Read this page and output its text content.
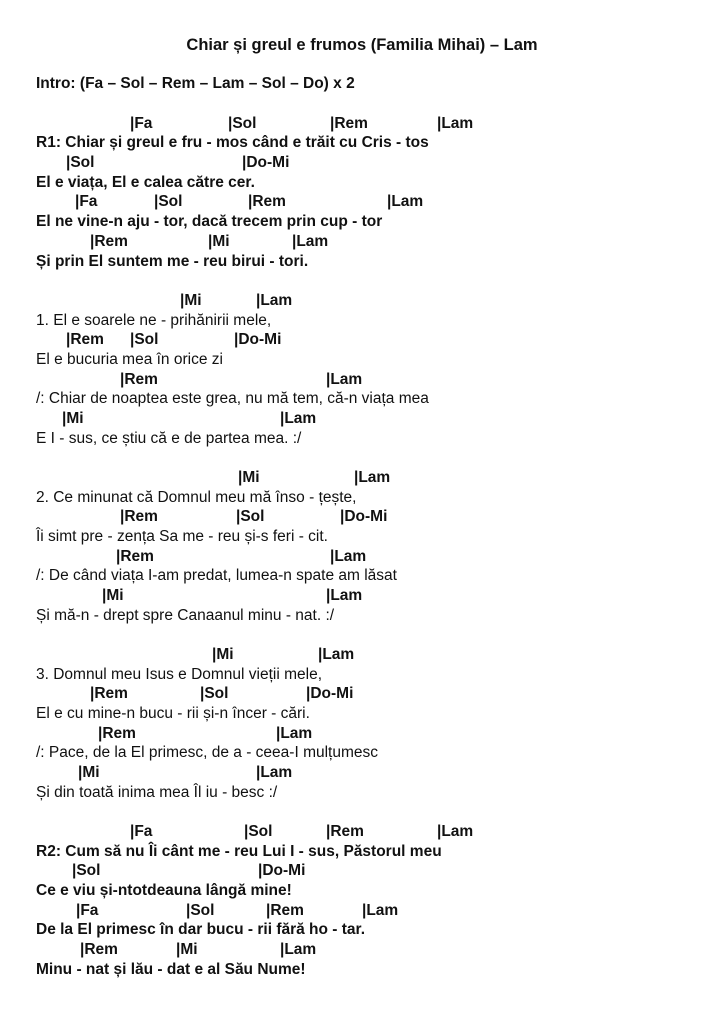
Chiar și greul e frumos (Familia Mihai) – Lam
Intro: (Fa – Sol – Rem – Lam – Sol – Do) x 2

|Fa

	|Sol

	|Rem

	|Lam

R1: Chiar și greul e fru - mos când e trăit cu Cris - tos

|Sol

	|Do-Mi

El e viața, El e calea către cer.

|Fa

	|Sol

	|Rem

	|Lam

El ne vine-n aju - tor, dacă trecem prin cup - tor

|Rem

	|Mi

	|Lam

Și prin El suntem me - reu birui - tori.

|Mi

	|Lam

1. El e soarele ne - prihănirii mele,

|Rem

|Sol

	|Do-Mi

El e bucuria mea în orice zi

|Rem

	|Lam

/: Chiar de noaptea este grea, nu mă tem, că-n viața mea

|Mi

	|Lam

E I - sus, ce știu că e de partea mea. :/

|Mi

	|Lam

2. Ce minunat că Domnul meu mă înso - țește,

|Rem

	|Sol

	|Do-Mi

Îi simt pre - zența Sa me - reu și-s feri - cit.

|Rem

	|Lam

/: De când viața I-am predat, lumea-n spate am lăsat

|Mi

	|Lam

Și mă-n - drept spre Canaanul minu - nat. :/

|Mi

	|Lam

3. Domnul meu Isus e Domnul vieții mele,

|Rem

	|Sol

	|Do-Mi

El e cu mine-n bucu - rii și-n încer - cări.

|Rem

	|Lam

/: Pace, de la El primesc, de a - ceea-I mulțumesc

|Mi

	|Lam

Și din toată inima mea Îl iu - besc :/

|Fa

	|Sol

	|Rem

	|Lam

R2: Cum să nu Îi cânt me - reu Lui I - sus, Păstorul meu

|Sol

	|Do-Mi

Ce e viu și-ntotdeauna lângă mine!

|Fa

	|Sol

	|Rem

	|Lam

De la El primesc în dar bucu - rii fără ho - tar.

|Rem

	|Mi

	|Lam

Minu - nat și lău - dat e al Său Nume!
